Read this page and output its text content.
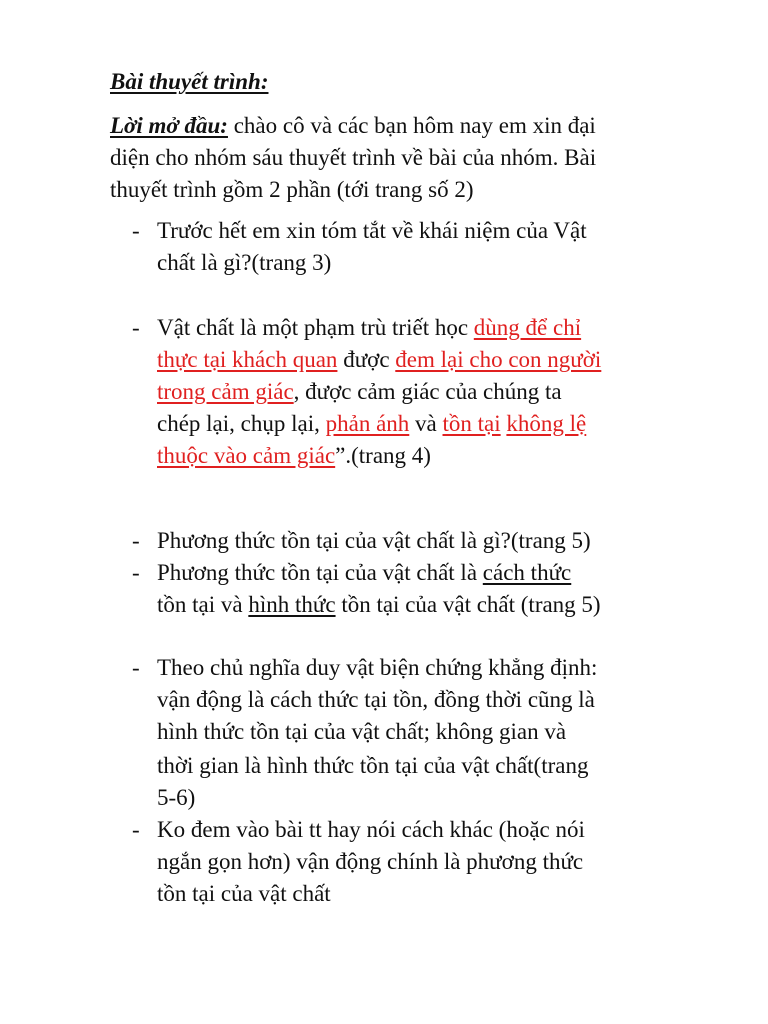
Bài thuyết trình:
Lời mở đầu: chào cô và các bạn hôm nay em xin đại
diện cho nhóm sáu thuyết trình về bài của nhóm. Bài
thuyết trình gồm 2 phần (tới trang số 2)
- Trước hết em xin tóm tắt về khái niệm của Vật
chất là gì?(trang 3)
- Vật chất là một phạm trù triết học dùng để chỉ
thực tại khách quan được đem lại cho con người
trong cảm giác, được cảm giác của chúng ta
chép lại, chụp lại, phản ánh và tồn tại không lệ
thuộc vào cảm giác”.(trang 4)
- Phương thức tồn tại của vật chất là gì?(trang 5)
- Phương thức tồn tại của vật chất là cách thức
tồn tại và hình thức tồn tại của vật chất (trang 5)
- Theo chủ nghĩa duy vật biện chứng khẳng định:
vận động là cách thức tại tồn, đồng thời cũng là
hình thức tồn tại của vật chất; không gian và
thời gian là hình thức tồn tại của vật chất(trang
5-6)
- Ko đem vào bài tt hay nói cách khác (hoặc nói
ngắn gọn hơn) vận động chính là phương thức
tồn tại của vật chất
